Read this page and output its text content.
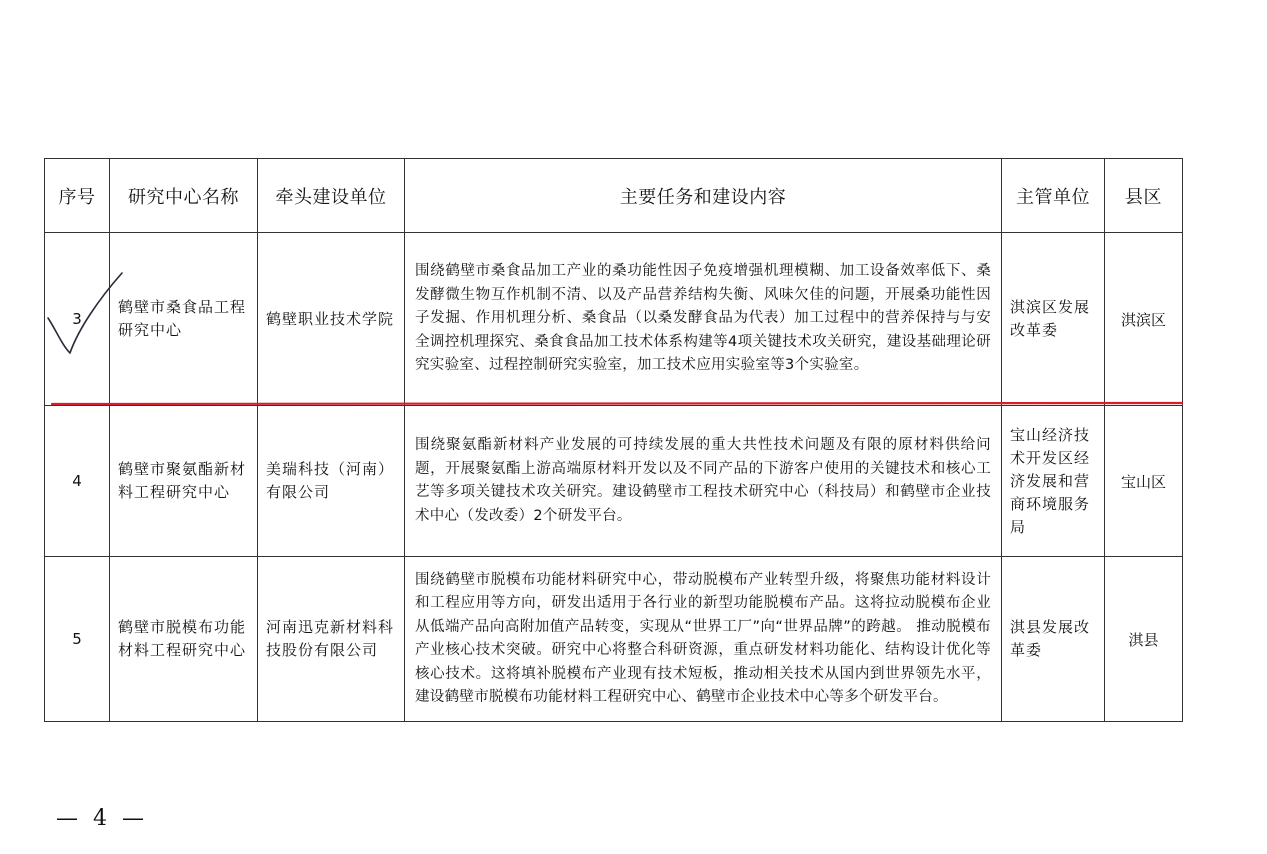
序号	研究中心名称	牵头建设单位	主要任务和建设内容	主管单位	县区
3	鹤壁市桑食品工程研究中心	鹤壁职业技术学院	围绕鹤壁市桑食品加工产业的桑功能性因子免疫增强机理模糊、加工设备效率低下、桑发酵微生物互作机制不清、以及产品营养结构失衡、风味欠佳的问题，开展桑功能性因子发掘、作用机理分析、桑食品（以桑发酵食品为代表）加工过程中的营养保持与与安全调控机理探究、桑食食品加工技术体系构建等4项关键技术攻关研究，建设基础理论研究实验室、过程控制研究实验室，加工技术应用实验室等3个实验室。	淇滨区发展改革委	淇滨区
4	鹤壁市聚氨酯新材料工程研究中心	美瑞科技（河南）有限公司	围绕聚氨酯新材料产业发展的可持续发展的重大共性技术问题及有限的原材料供给问题，开展聚氨酯上游高端原材料开发以及不同产品的下游客户使用的关键技术和核心工艺等多项关键技术攻关研究。建设鹤壁市工程技术研究中心（科技局）和鹤壁市企业技术中心（发改委）2个研发平台。	宝山经济技术开发区经济发展和营商环境服务局	宝山区
5	鹤壁市脱模布功能材料工程研究中心	河南迅克新材料科技股份有限公司	围绕鹤壁市脱模布功能材料研究中心，带动脱模布产业转型升级，将聚焦功能材料设计和工程应用等方向，研发出适用于各行业的新型功能脱模布产品。这将拉动脱模布企业从低端产品向高附加值产品转变，实现从“世界工厂”向“世界品牌”的跨越。 推动脱模布产业核心技术突破。研究中心将整合科研资源，重点研发材料功能化、结构设计优化等核心技术。这将填补脱模布产业现有技术短板，推动相关技术从国内到世界领先水平，建设鹤壁市脱模布功能材料工程研究中心、鹤壁市企业技术中心等多个研发平台。	淇县发展改革委	淇县
— 4 —
